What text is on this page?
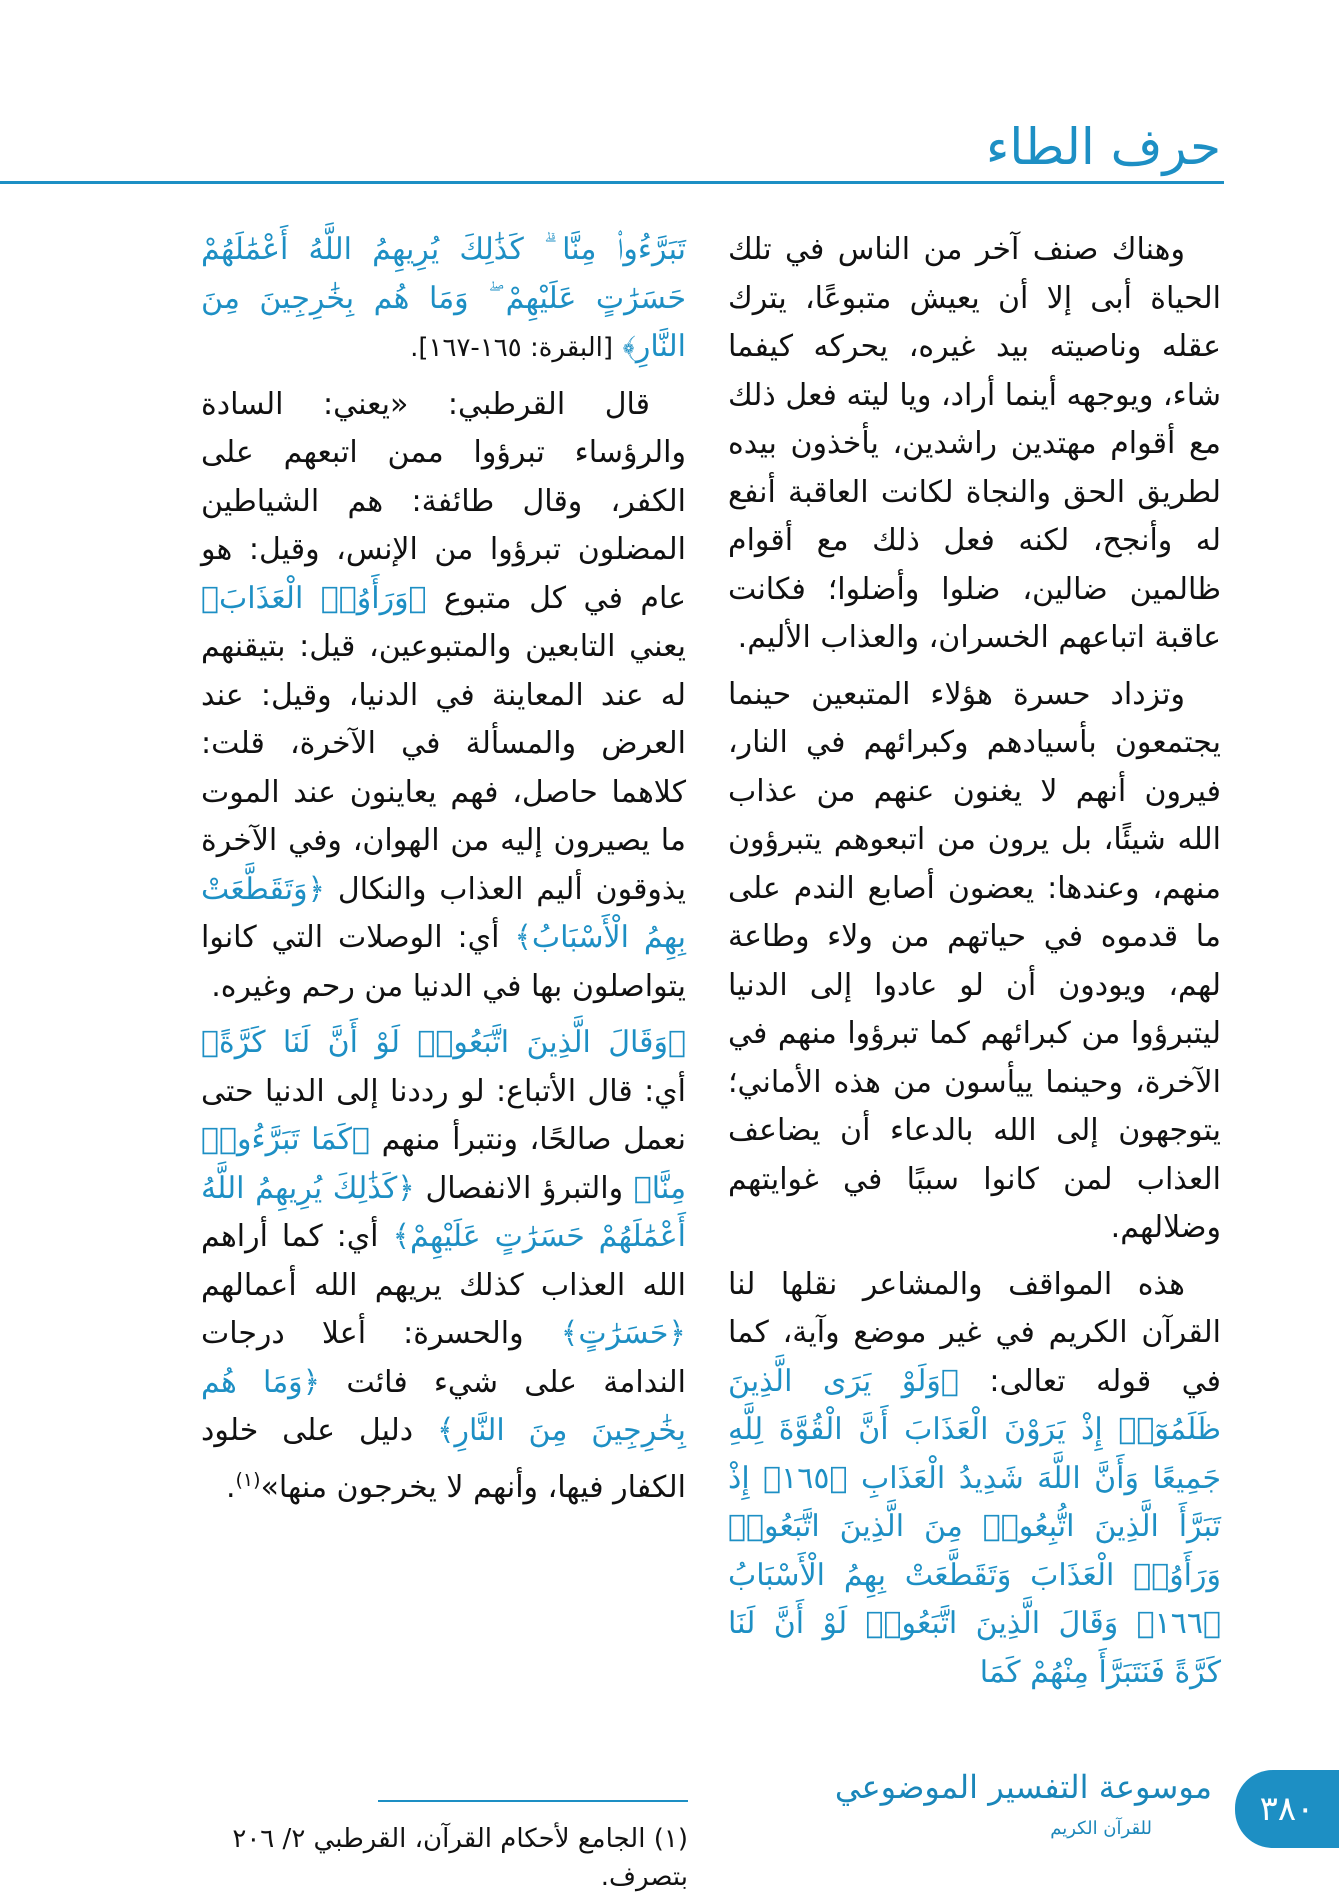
حرف الطاء

وهناك صنف آخر من الناس في تلك الحياة أبى إلا أن يعيش متبوعًا، يترك عقله وناصيته بيد غيره، يحركه كيفما شاء، ويوجهه أينما أراد، ويا ليته فعل ذلك مع أقوام مهتدين راشدين، يأخذون بيده لطريق الحق والنجاة لكانت العاقبة أنفع له وأنجح، لكنه فعل ذلك مع أقوام ظالمين ضالين، ضلوا وأضلوا؛ فكانت عاقبة اتباعهم الخسران، والعذاب الأليم.

وتزداد حسرة هؤلاء المتبعين حينما يجتمعون بأسيادهم وكبرائهم في النار، فيرون أنهم لا يغنون عنهم من عذاب الله شيئًا، بل يرون من اتبعوهم يتبرؤون منهم، وعندها: يعضون أصابع الندم على ما قدموه في حياتهم من ولاء وطاعة لهم، ويودون أن لو عادوا إلى الدنيا ليتبرؤوا من كبرائهم كما تبرؤوا منهم في الآخرة، وحينما ييأسون من هذه الأماني؛ يتوجهون إلى الله بالدعاء أن يضاعف العذاب لمن كانوا سببًا في غوايتهم وضلالهم.

هذه المواقف والمشاعر نقلها لنا القرآن الكريم في غير موضع وآية، كما في قوله تعالى: ﴿وَلَوْ يَرَى الَّذِينَ ظَلَمُوٓا۟ إِذْ يَرَوْنَ الْعَذَابَ أَنَّ الْقُوَّةَ لِلَّهِ جَمِيعًا وَأَنَّ اللَّهَ شَدِيدُ الْعَذَابِ ﴿١٦٥﴾ إِذْ تَبَرَّأَ الَّذِينَ اتُّبِعُوا۟ مِنَ الَّذِينَ اتَّبَعُوا۟ وَرَأَوُا۟ الْعَذَابَ وَتَقَطَّعَتْ بِهِمُ الْأَسْبَابُ ﴿١٦٦﴾ وَقَالَ الَّذِينَ اتَّبَعُوا۟ لَوْ أَنَّ لَنَا كَرَّةً فَنَتَبَرَّأَ مِنْهُمْ كَمَا

تَبَرَّءُوا۟ مِنَّا ۗ كَذَٰلِكَ يُرِيهِمُ اللَّهُ أَعْمَٰلَهُمْ حَسَرَٰتٍ عَلَيْهِمْ ۖ وَمَا هُم بِخَٰرِجِينَ مِنَ النَّارِ﴾ [البقرة: ١٦٥-١٦٧].

قال القرطبي: «يعني: السادة والرؤساء تبرؤوا ممن اتبعهم على الكفر، وقال طائفة: هم الشياطين المضلون تبرؤوا من الإنس، وقيل: هو عام في كل متبوع ﴿وَرَأَوُا۟ الْعَذَابَ﴾ يعني التابعين والمتبوعين، قيل: بتيقنهم له عند المعاينة في الدنيا، وقيل: عند العرض والمسألة في الآخرة، قلت: كلاهما حاصل، فهم يعاينون عند الموت ما يصيرون إليه من الهوان، وفي الآخرة يذوقون أليم العذاب والنكال ﴿وَتَقَطَّعَتْ بِهِمُ الْأَسْبَابُ﴾ أي: الوصلات التي كانوا يتواصلون بها في الدنيا من رحم وغيره.

﴿وَقَالَ الَّذِينَ اتَّبَعُوا۟ لَوْ أَنَّ لَنَا كَرَّةً﴾ أي: قال الأتباع: لو رددنا إلى الدنيا حتى نعمل صالحًا، ونتبرأ منهم ﴿كَمَا تَبَرَّءُوا۟ مِنَّا﴾ والتبرؤ الانفصال ﴿كَذَٰلِكَ يُرِيهِمُ اللَّهُ أَعْمَٰلَهُمْ حَسَرَٰتٍ عَلَيْهِمْ﴾ أي: كما أراهم الله العذاب كذلك يريهم الله أعمالهم ﴿حَسَرَٰتٍ﴾ والحسرة: أعلا درجات الندامة على شيء فائت ﴿وَمَا هُم بِخَٰرِجِينَ مِنَ النَّارِ﴾ دليل على خلود الكفار فيها، وأنهم لا يخرجون منها»$^{(١)}$.

(١) الجامع لأحكام القرآن، القرطبي ٢/ ٢٠٦ بتصرف.
موسوعة التفسير الموضوعي
للقرآن الكريم	٣٨٠
